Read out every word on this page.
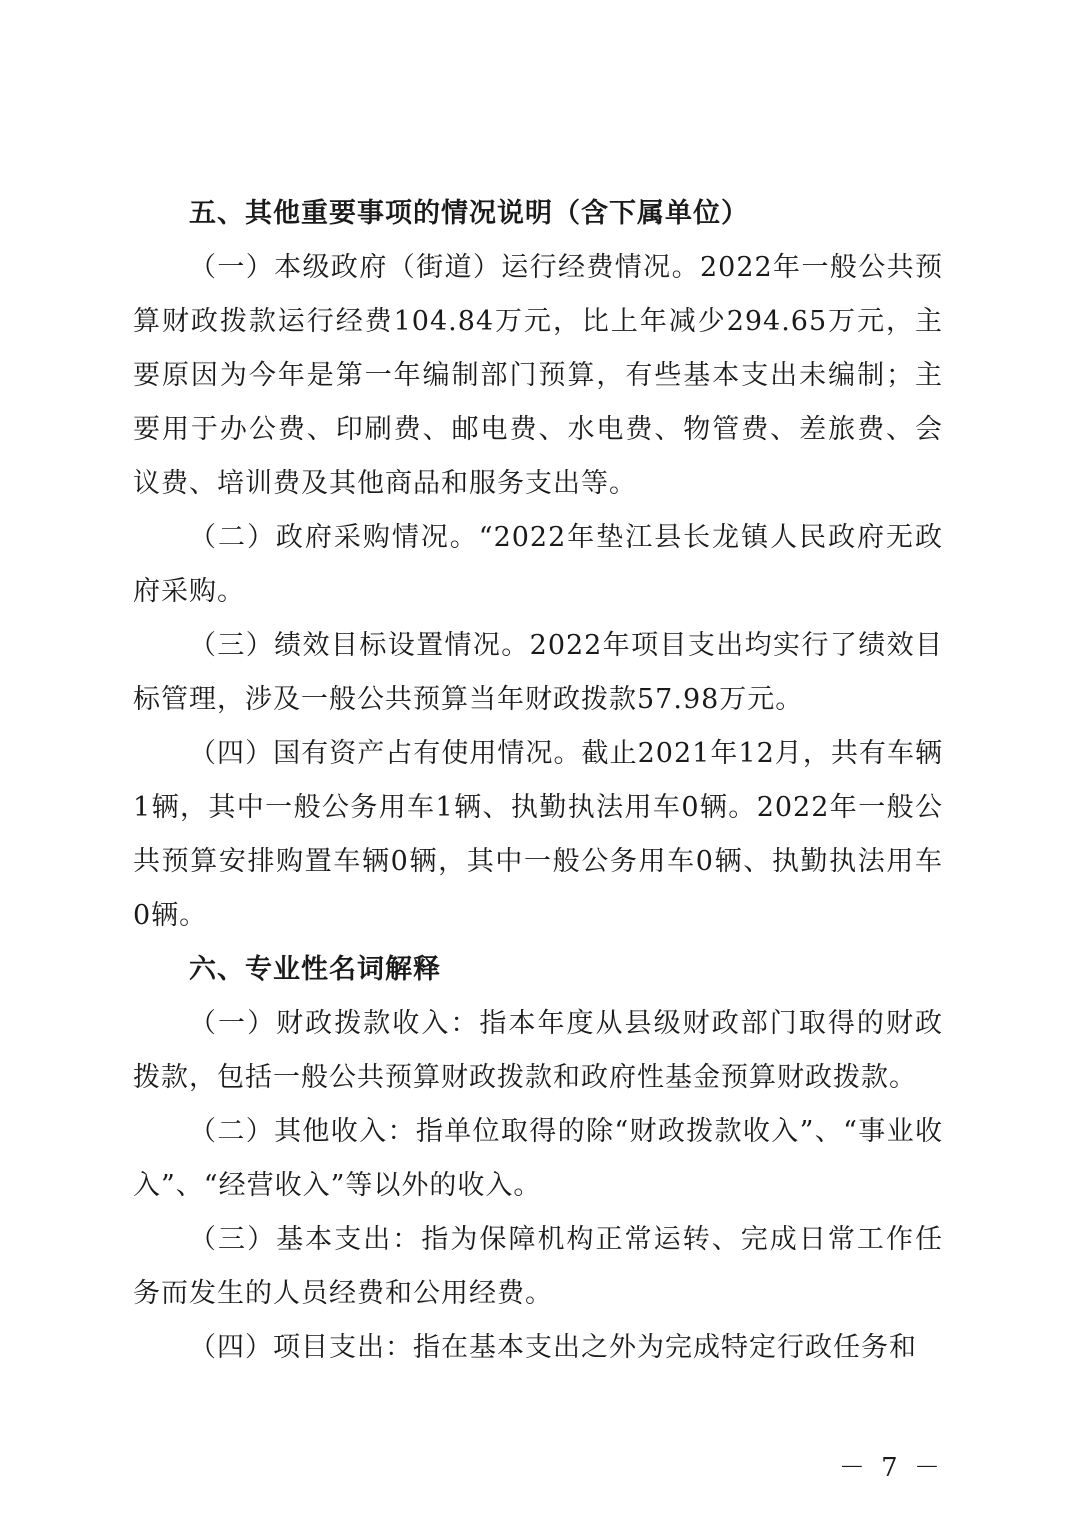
五、其他重要事项的情况说明（含下属单位）

（一）本级政府（街道）运行经费情况。2022年一般公共预算财政拨款运行经费104.84万元，比上年减少294.65万元，主要原因为今年是第一年编制部门预算，有些基本支出未编制；主要用于办公费、印刷费、邮电费、水电费、物管费、差旅费、会议费、培训费及其他商品和服务支出等。

（二）政府采购情况。“2022年垫江县长龙镇人民政府无政府采购。

（三）绩效目标设置情况。2022年项目支出均实行了绩效目标管理，涉及一般公共预算当年财政拨款57.98万元。

（四）国有资产占有使用情况。截止2021年12月，共有车辆1辆，其中一般公务用车1辆、执勤执法用车0辆。2022年一般公共预算安排购置车辆0辆，其中一般公务用车0辆、执勤执法用车0辆。

六、专业性名词解释

（一）财政拨款收入：指本年度从县级财政部门取得的财政拨款，包括一般公共预算财政拨款和政府性基金预算财政拨款。

（二）其他收入：指单位取得的除“财政拨款收入”、“事业收入”、“经营收入”等以外的收入。

（三）基本支出：指为保障机构正常运转、完成日常工作任务而发生的人员经费和公用经费。

（四）项目支出：指在基本支出之外为完成特定行政任务和

－ 7 －
